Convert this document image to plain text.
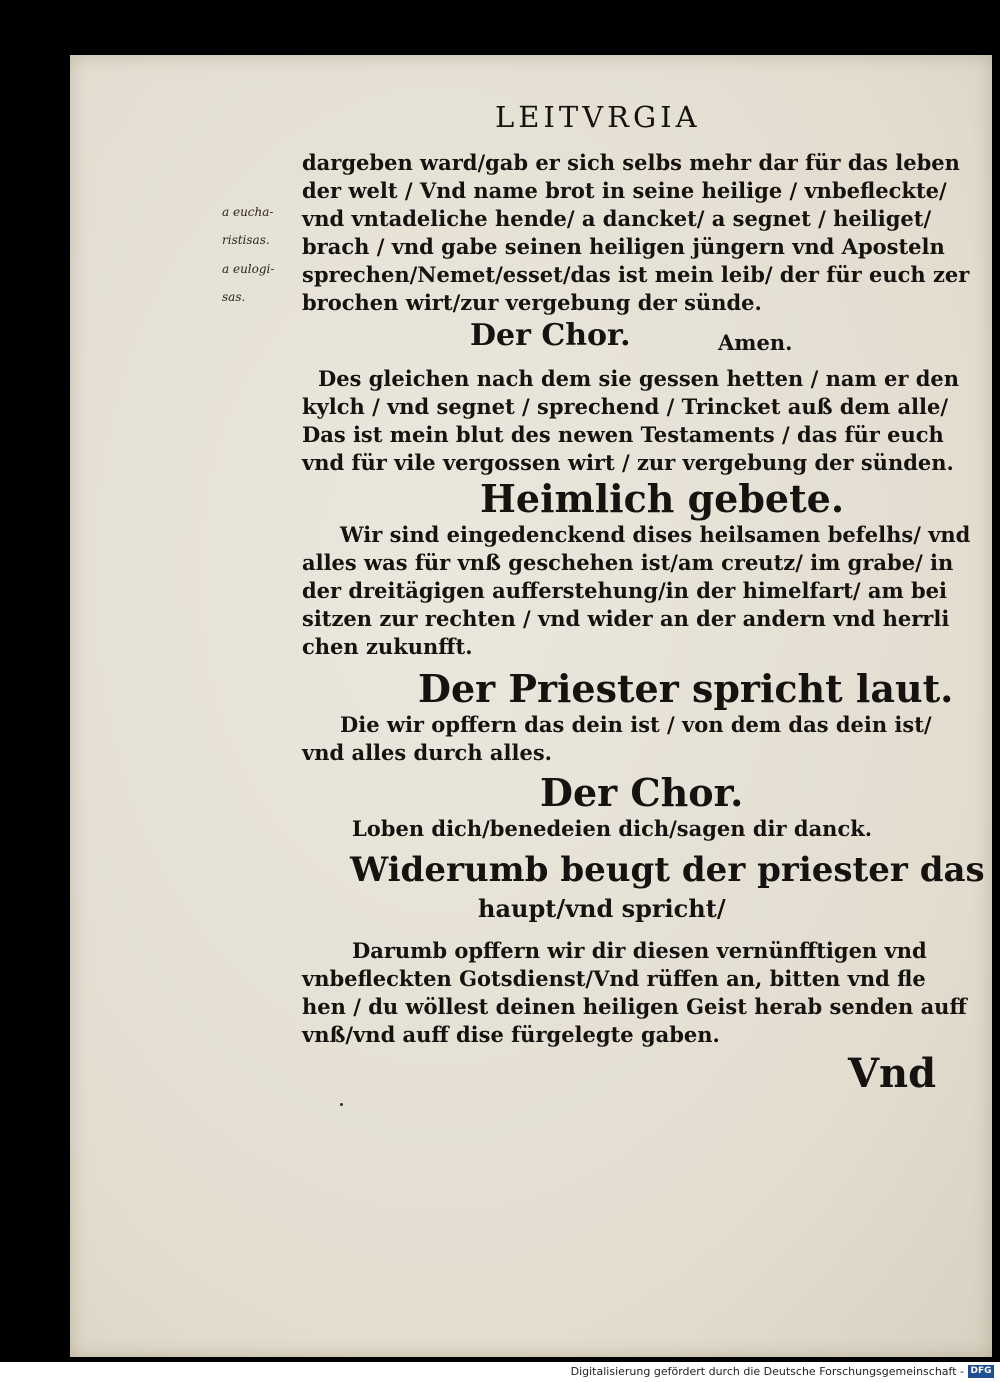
LEITVRGIA
a eucha-
ristisas.
a eulogi-
sas.
dargeben ward/gab er sich selbs mehr dar für das leben
der welt / Vnd name brot in seine heilige / vnbefleckte/
vnd vntadeliche hende/ a dancket/ a segnet / heiliget/
brach / vnd gabe seinen heiligen jüngern vnd Aposteln
sprechen/Nemet/esset/das ist mein leib/ der für euch zer
brochen wirt/zur vergebung der sünde.
Der Chor.	Amen.
Des gleichen nach dem sie gessen hetten / nam er den
kylch / vnd segnet / sprechend / Trincket auß dem alle/
Das ist mein blut des newen Testaments / das für euch
vnd für vile vergossen wirt / zur vergebung der sünden.
Heimlich gebete.
Wir sind eingedenckend dises heilsamen befelhs/ vnd
alles was für vnß geschehen ist/am creutz/ im grabe/ in
der dreitägigen aufferstehung/in der himelfart/ am bei
sitzen zur rechten / vnd wider an der andern vnd herrli
chen zukunfft.
Der Priester spricht laut.
Die wir opffern das dein ist / von dem das dein ist/
vnd alles durch alles.
Der Chor.
Loben dich/benedeien dich/sagen dir danck.
Widerumb beugt der priester das
haupt/vnd spricht/
Darumb opffern wir dir diesen vernünfftigen vnd
vnbefleckten Gotsdienst/Vnd rüffen an, bitten vnd fle
hen / du wöllest deinen heiligen Geist herab senden auff
vnß/vnd auff dise fürgelegte gaben.
Vnd
Digitalisierung gefördert durch die Deutsche Forschungsgemeinschaft - DFG
